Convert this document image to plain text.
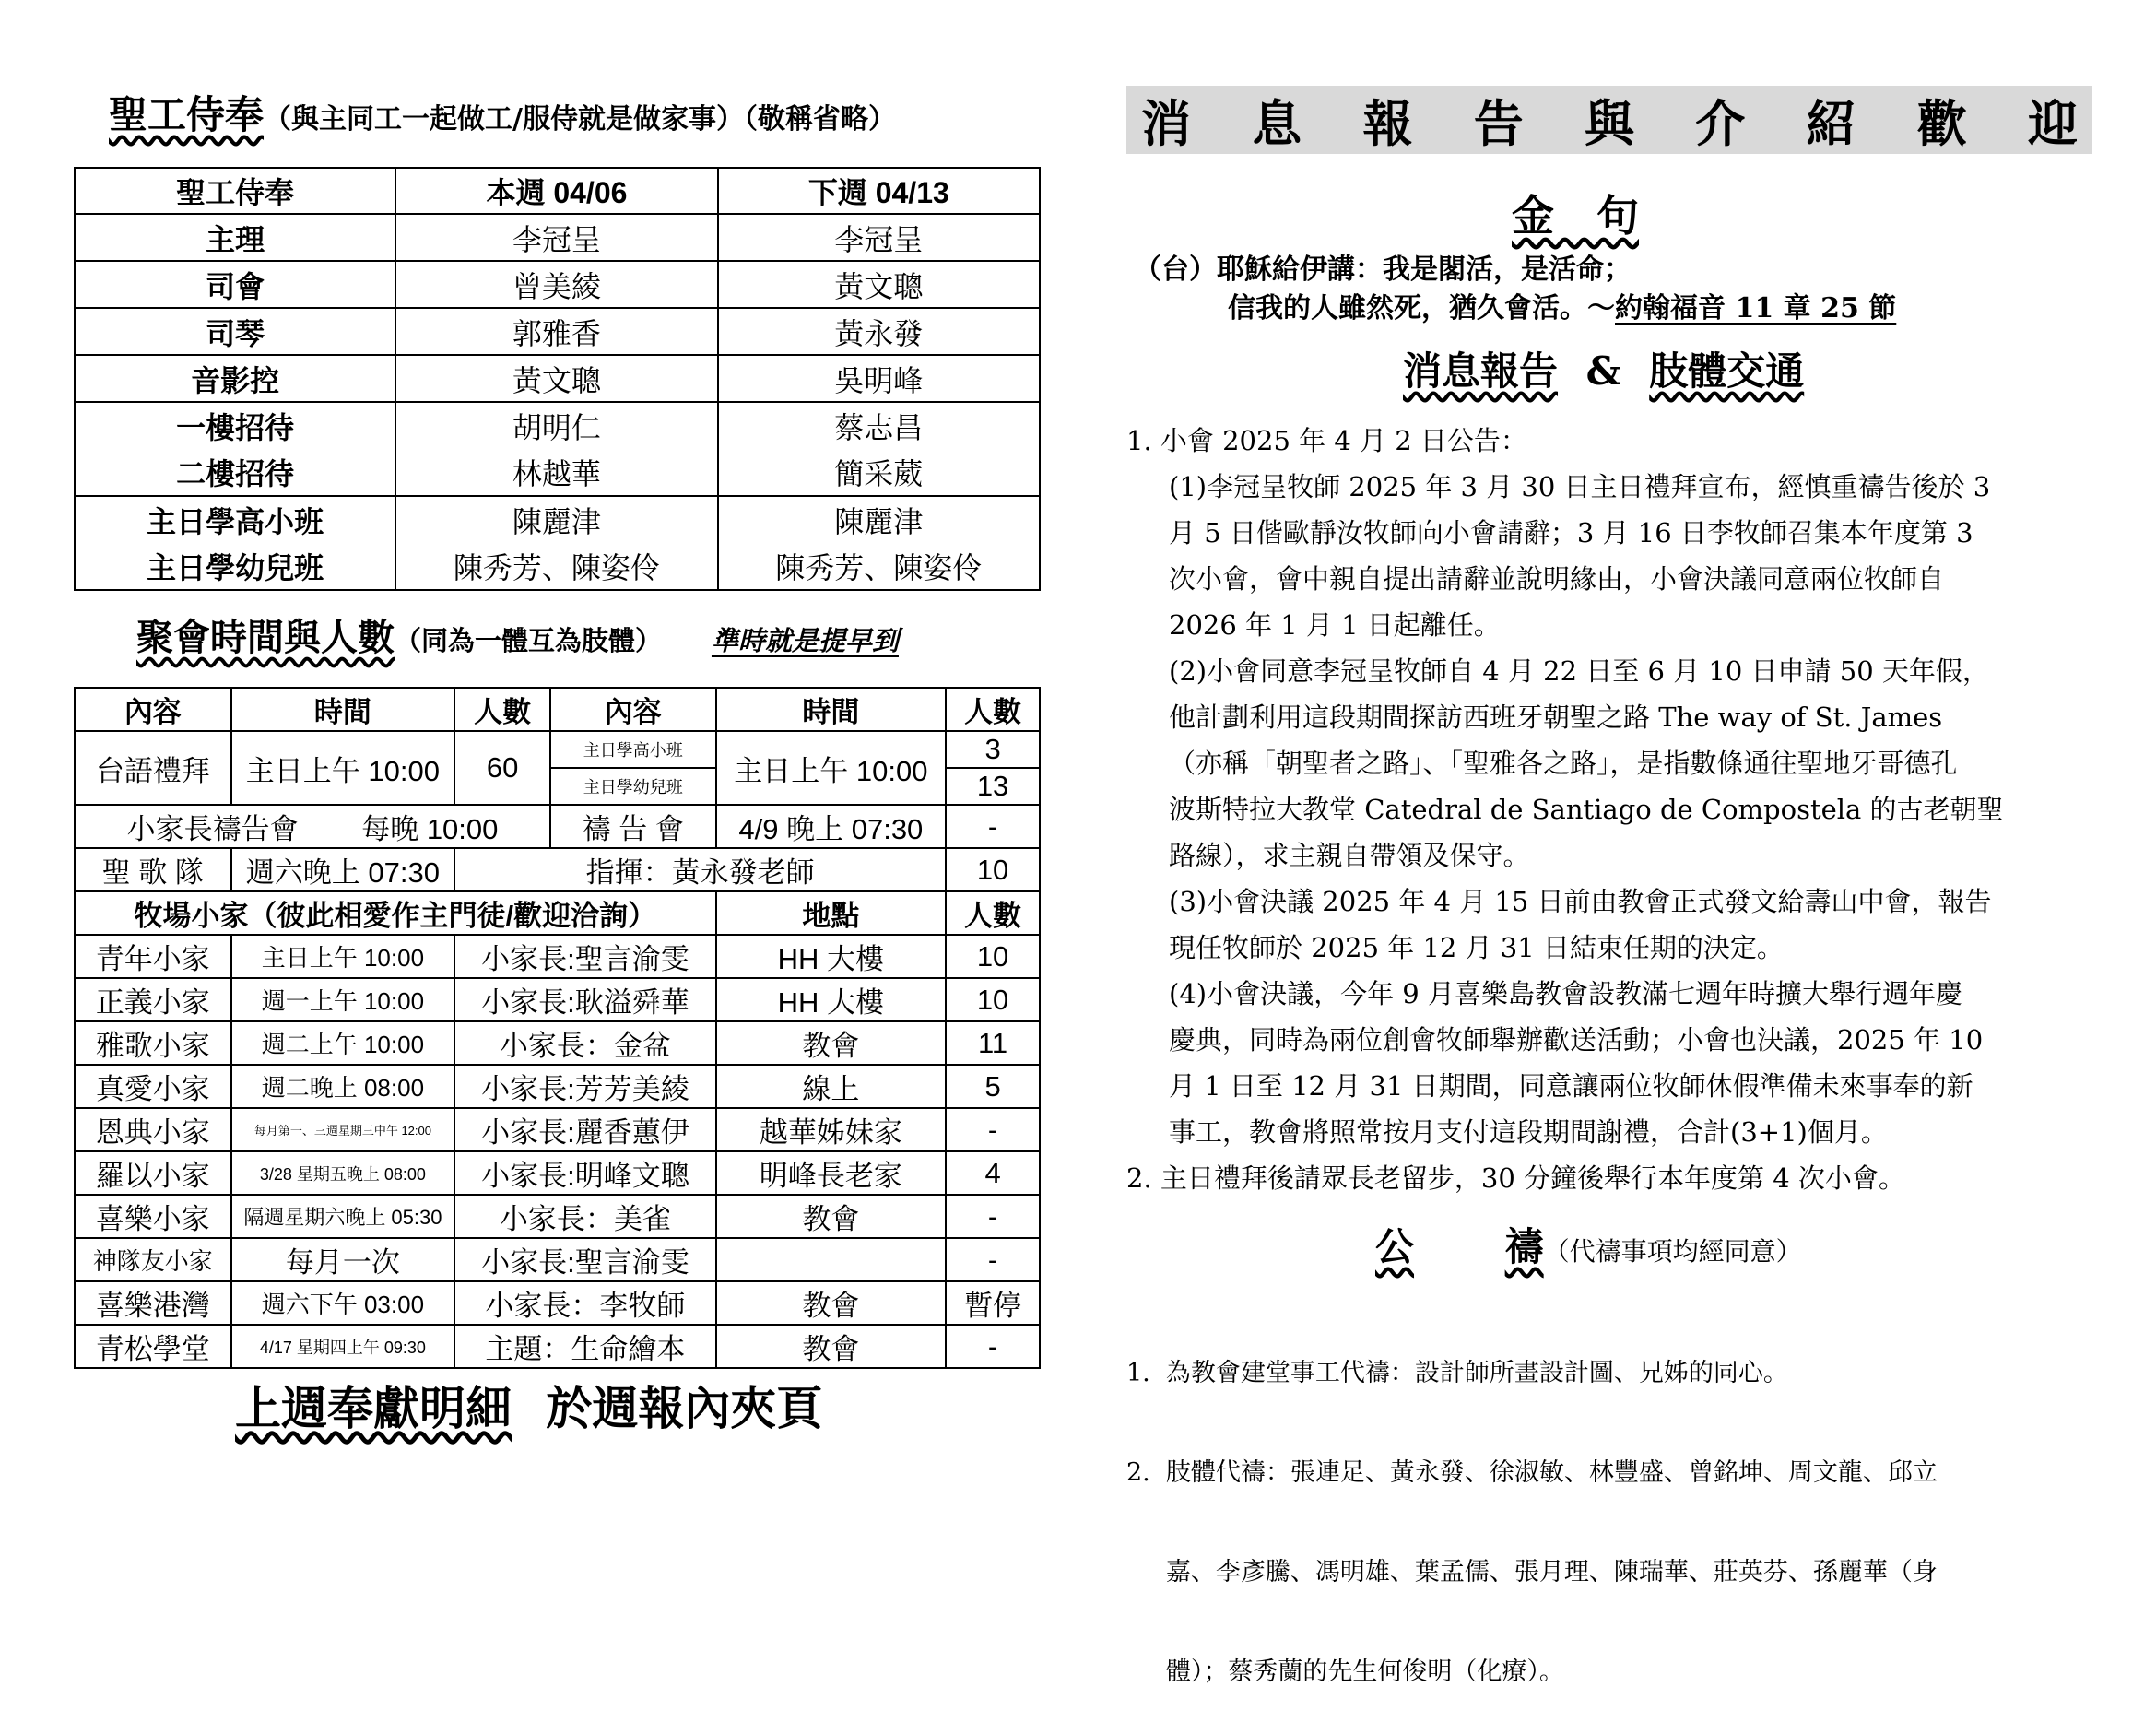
聖工侍奉（與主同工一起做工/服侍就是做家事）（敬稱省略）
聖工侍奉	本週 04/06	下週 04/13
主理	李冠呈	李冠呈
司會	曾美綾	黃文聰
司琴	郭雅香	黃永發
音影控	黃文聰	吳明峰
一樓招待	胡明仁	蔡志昌
二樓招待	林越華	簡采葳
主日學高小班	陳麗津	陳麗津
主日學幼兒班	陳秀芳、陳姿伶	陳秀芳、陳姿伶
聚會時間與人數（同為一體互為肢體） 準時就是提早到
內容	時間	人數	內容	時間	人數
台語禮拜	主日上午 10:00	60	主日學高小班	主日上午 10:00	3
			主日學幼兒班		13
小家長禱告會 每晚 10:00			禱 告 會	4/9 晚上 07:30	-
聖 歌 隊	週六晚上 07:30	指揮：黃永發老師			10
牧場小家（彼此相愛作主門徒/歡迎洽詢）				地點	人數
青年小家	主日上午 10:00	小家長:聖言渝雯		HH 大樓	10
正義小家	週一上午 10:00	小家長:耿溢舜華		HH 大樓	10
雅歌小家	週二上午 10:00	小家長：金盆		教會	11
真愛小家	週二晚上 08:00	小家長:芳芳美綾		線上	5
恩典小家	每月第一、三週星期三中午 12:00	小家長:麗香蕙伊		越華姊妹家	-
羅以小家	3/28 星期五晚上 08:00	小家長:明峰文聰		明峰長老家	4
喜樂小家	隔週星期六晚上 05:30	小家長：美雀		教會	-
神隊友小家	每月一次	小家長:聖言渝雯			-
喜樂港灣	週六下午 03:00	小家長：李牧師		教會	暫停
青松學堂	4/17 星期四上午 09:30	主題：生命繪本		教會	-
上週奉獻明細 於週報內夾頁
消 息 報 告 與 介 紹 歡 迎
金　句
（台）耶穌給伊講：我是閣活，是活命；
信我的人雖然死，猶久會活。～約翰福音 11 章 25 節
消息報告 & 肢體交通
1. 小會 2025 年 4 月 2 日公告：
(1)李冠呈牧師 2025 年 3 月 30 日主日禮拜宣布，經慎重禱告後於 3
月 5 日偕歐靜汝牧師向小會請辭；3 月 16 日李牧師召集本年度第 3
次小會，會中親自提出請辭並說明緣由，小會決議同意兩位牧師自
2026 年 1 月 1 日起離任。
(2)小會同意李冠呈牧師自 4 月 22 日至 6 月 10 日申請 50 天年假，
他計劃利用這段期間探訪西班牙朝聖之路 The way of St. James
（亦稱「朝聖者之路」、「聖雅各之路」，是指數條通往聖地牙哥德孔
波斯特拉大教堂 Catedral de Santiago de Compostela 的古老朝聖
路線），求主親自帶領及保守。
(3)小會決議 2025 年 4 月 15 日前由教會正式發文給壽山中會，報告
現任牧師於 2025 年 12 月 31 日結束任期的決定。
(4)小會決議，今年 9 月喜樂島教會設教滿七週年時擴大舉行週年慶
慶典，同時為兩位創會牧師舉辦歡送活動；小會也決議，2025 年 10
月 1 日至 12 月 31 日期間，同意讓兩位牧師休假準備未來事奉的新
事工，教會將照常按月支付這段期間謝禮，合計(3+1)個月。
2. 主日禮拜後請眾長老留步，30 分鐘後舉行本年度第 4 次小會。
公 禱（代禱事項均經同意）

1.  為教會建堂事工代禱：設計師所畫設計圖、兄姊的同心。

2.  肢體代禱：張連足、黃永發、徐淑敏、林豐盛、曾銘坤、周文龍、邱立

嘉、李彥騰、馮明雄、葉孟儒、張月理、陳瑞華、莊英芬、孫麗華（身

體）；蔡秀蘭的先生何俊明（化療）。
